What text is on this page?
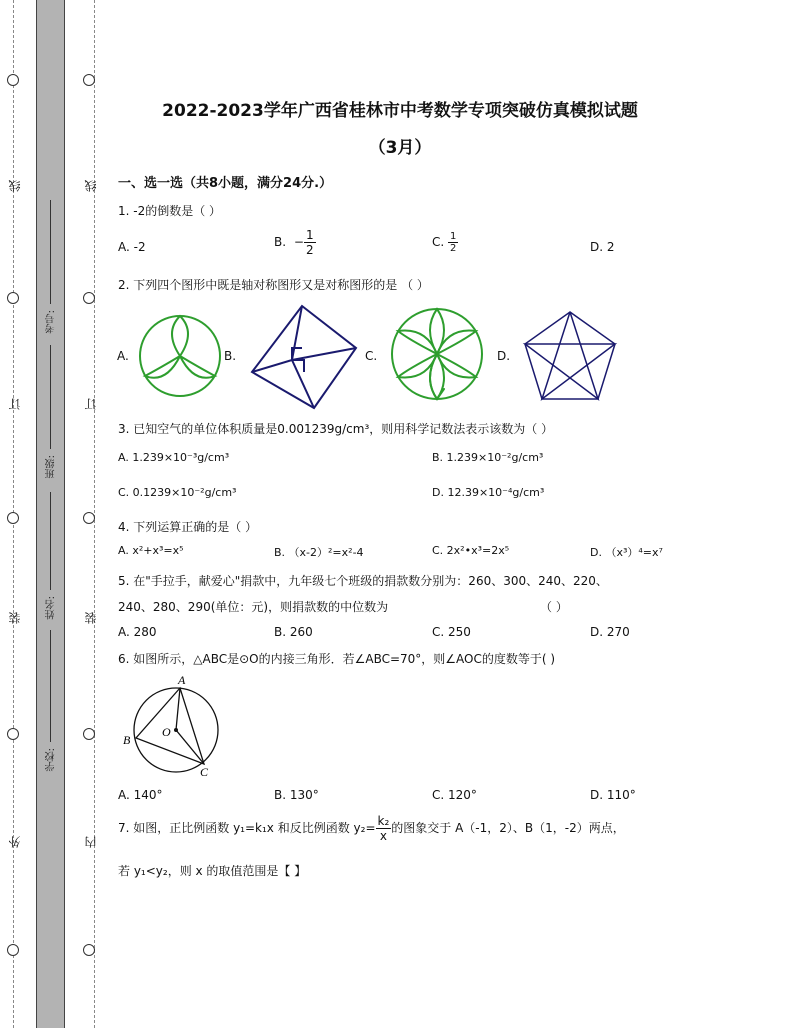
线
订
装
外
线
订
装
内
考号:
班级:
姓名:
学校:
2022-2023学年广西省桂林市中考数学专项突破仿真模拟试题
（3月）
一、选一选（共8小题，满分24分.）
1. -2的倒数是（ ）
A. -2	B. − $\frac{1}{2}$	C. $\frac{1}{2}$	D. 2
2. 下列四个图形中既是轴对称图形又是对称图形的是 （ ）
A.	B.	C.	D.
3. 已知空气的单位体积质量是0.001239g/cm³，则用科学记数法表示该数为（ ）
A. 1.239×10⁻³g/cm³	B. 1.239×10⁻²g/cm³
C. 0.1239×10⁻²g/cm³	D. 12.39×10⁻⁴g/cm³
4. 下列运算正确的是（ ）
A. x²+x³=x⁵	B. （x-2）²=x²-4	C. 2x²•x³=2x⁵	D. （x³）⁴=x⁷
5. 在"手拉手，献爱心"捐款中，九年级七个班级的捐款数分别为：260、300、240、220、
240、280、290(单位：元)，则捐款数的中位数为	（ ）
A. 280	B. 260	C. 250	D. 270
6. 如图所示，△ABC是⊙O的内接三角形．若∠ABC=70°，则∠AOC的度数等于( )
A
B
O
C
A. 140°	B. 130°	C. 120°	D. 110°
7. 如图，正比例函数 y₁=k₁x 和反比例函数 $y_2= \frac{\text{k₂}}{x}$ 的图象交于 A（-1，2）、B（1，-2）两点，
若 y₁<y₂，则 x 的取值范围是【 】
